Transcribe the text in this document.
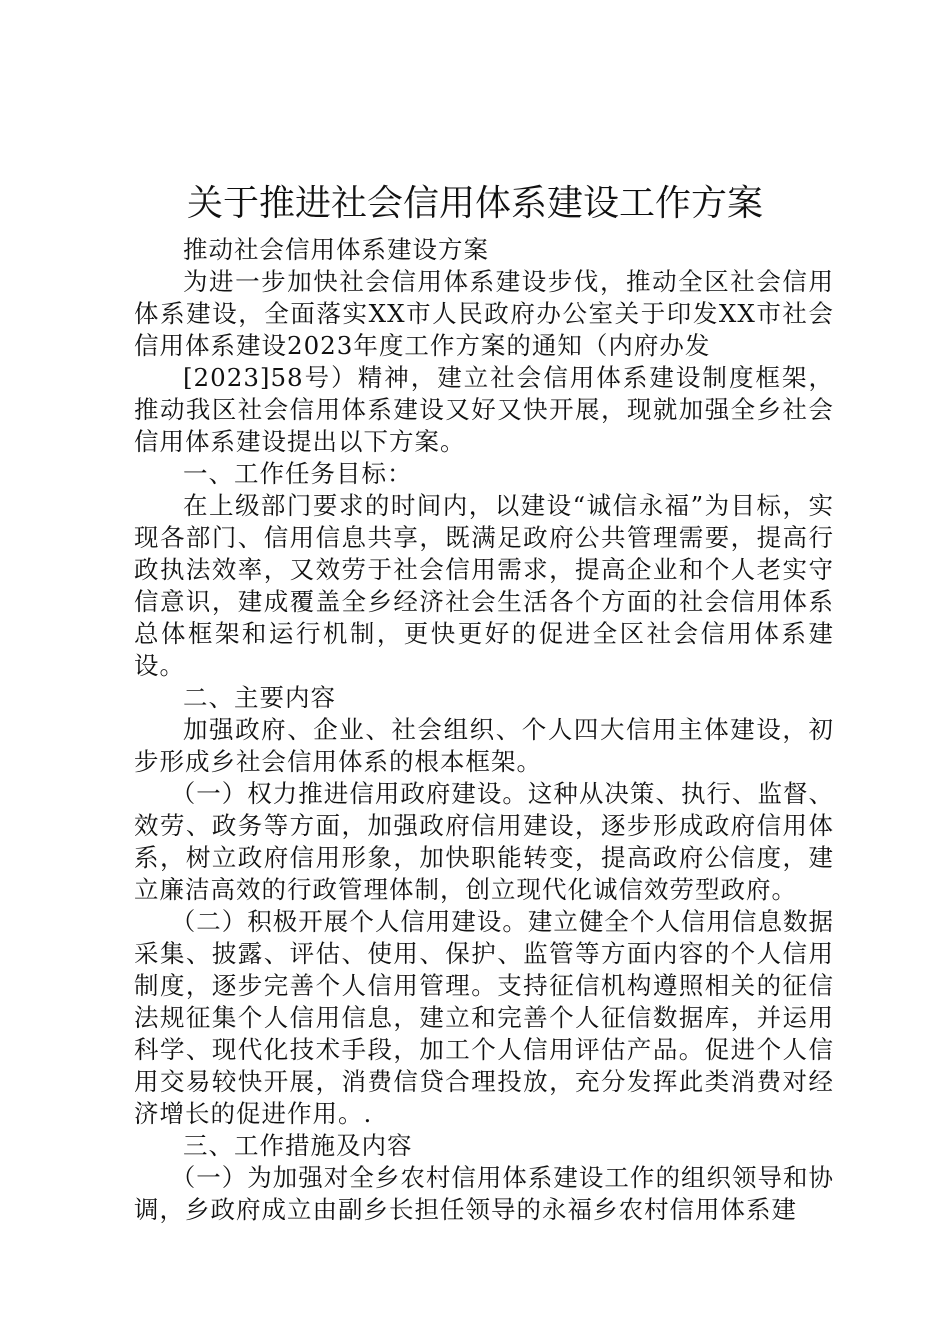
关于推进社会信用体系建设工作方案

推动社会信用体系建设方案

为进一步加快社会信用体系建设步伐，推动全区社会信用体系建设，全面落实XX市人民政府办公室关于印发XX市社会信用体系建设2023年度工作方案的通知（内府办发

[2023]58号）精神，建立社会信用体系建设制度框架，推动我区社会信用体系建设又好又快开展，现就加强全乡社会信用体系建设提出以下方案。

一、工作任务目标：

在上级部门要求的时间内，以建设“诚信永福”为目标，实现各部门、信用信息共享，既满足政府公共管理需要，提高行政执法效率，又效劳于社会信用需求，提高企业和个人老实守信意识，建成覆盖全乡经济社会生活各个方面的社会信用体系总体框架和运行机制，更快更好的促进全区社会信用体系建设。

二、主要内容

加强政府、企业、社会组织、个人四大信用主体建设，初步形成乡社会信用体系的根本框架。

（一）权力推进信用政府建设。这种从决策、执行、监督、效劳、政务等方面，加强政府信用建设，逐步形成政府信用体系，树立政府信用形象，加快职能转变，提高政府公信度，建立廉洁高效的行政管理体制，创立现代化诚信效劳型政府。

（二）积极开展个人信用建设。建立健全个人信用信息数据采集、披露、评估、使用、保护、监管等方面内容的个人信用制度，逐步完善个人信用管理。支持征信机构遵照相关的征信法规征集个人信用信息，建立和完善个人征信数据库，并运用科学、现代化技术手段，加工个人信用评估产品。促进个人信用交易较快开展，消费信贷合理投放，充分发挥此类消费对经济增长的促进作用。.

三、工作措施及内容

（一）为加强对全乡农村信用体系建设工作的组织领导和协调，乡政府成立由副乡长担任领导的永福乡农村信用体系建
